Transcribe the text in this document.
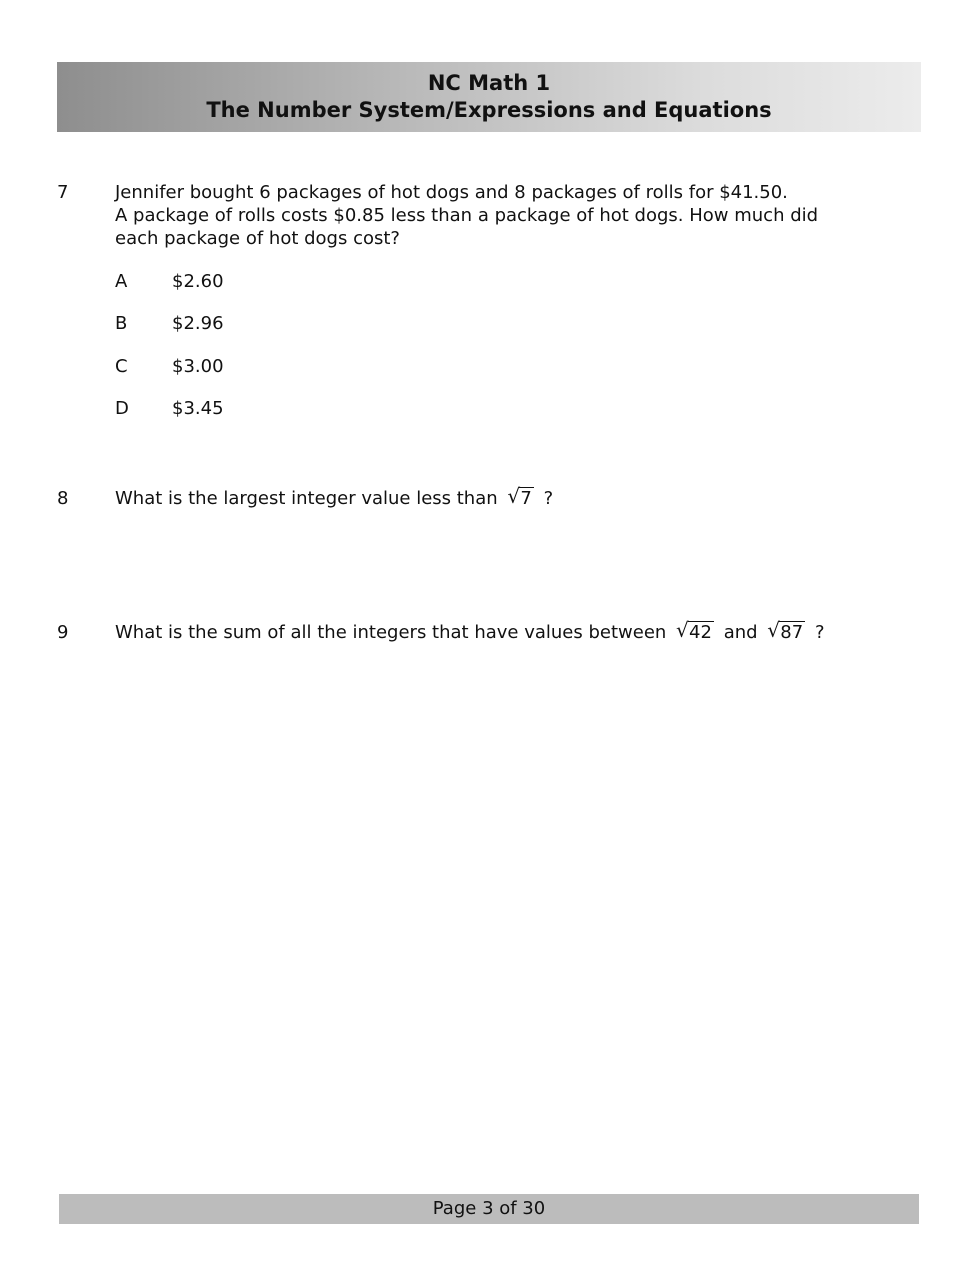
NC Math 1
The Number System/Expressions and Equations
7	Jennifer bought 6 packages of hot dogs and 8 packages of rolls for $41.50.

A package of rolls costs $0.85 less than a package of hot dogs. How much did

each package of hot dogs cost?

A $2.60
B $2.96
C $3.00
D $3.45
8	What is the largest integer value less than √ 7 ?
9	What is the sum of all the integers that have values between √ 42 and √ 87 ?
Page 3 of 30
